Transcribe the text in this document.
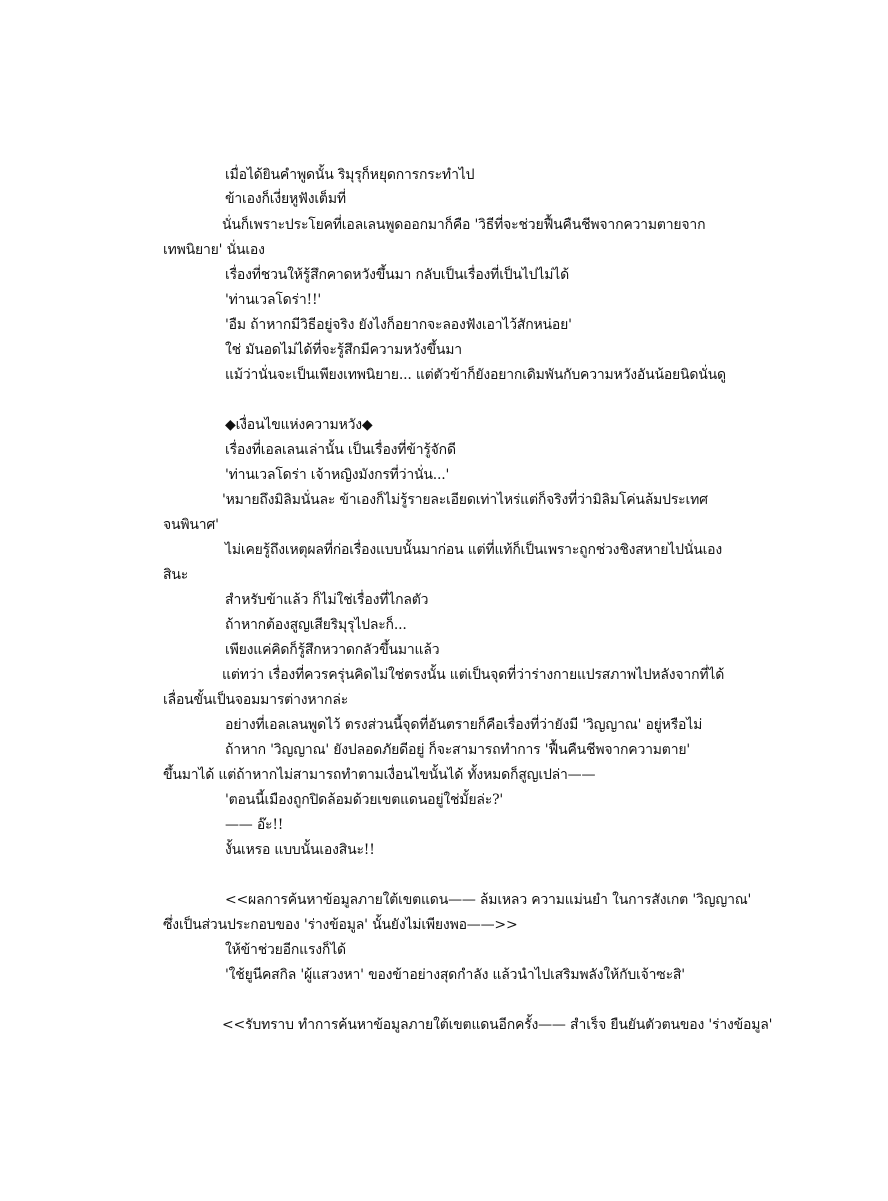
เมื่อได้ยินคำพูดนั้น ริมุรุก็หยุดการกระทำไป
ข้าเองก็เงี่ยหูฟังเต็มที่
นั่นก็เพราะประโยคที่เอลเลนพูดออกมาก็คือ 'วิธีที่จะช่วยฟื้นคืนชีพจากความตายจาก
เทพนิยาย' นั่นเอง
เรื่องที่ชวนให้รู้สึกคาดหวังขึ้นมา กลับเป็นเรื่องที่เป็นไปไม่ได้
'ท่านเวลโดร่า!!'
'อืม ถ้าหากมีวิธีอยู่จริง ยังไงก็อยากจะลองฟังเอาไว้สักหน่อย'
ใช่ มันอดไม่ได้ที่จะรู้สึกมีความหวังขึ้นมา
แม้ว่านั่นจะเป็นเพียงเทพนิยาย... แต่ตัวข้าก็ยังอยากเดิมพันกับความหวังอันน้อยนิดนั่นดู
◆เงื่อนไขแห่งความหวัง◆
เรื่องที่เอลเลนเล่านั้น เป็นเรื่องที่ข้ารู้จักดี
'ท่านเวลโดร่า เจ้าหญิงมังกรที่ว่านั่น...'
'หมายถึงมิลิมนั่นละ ข้าเองก็ไม่รู้รายละเอียดเท่าไหร่แต่ก็จริงที่ว่ามิลิมโค่นล้มประเทศ
จนพินาศ'
ไม่เคยรู้ถึงเหตุผลที่ก่อเรื่องแบบนั้นมาก่อน แต่ที่แท้ก็เป็นเพราะถูกช่วงชิงสหายไปนั่นเอง
สินะ
สำหรับข้าแล้ว ก็ไม่ใช่เรื่องที่ไกลตัว
ถ้าหากต้องสูญเสียริมุรุไปละก็...
เพียงแค่คิดก็รู้สึกหวาดกลัวขึ้นมาแล้ว
แต่ทว่า เรื่องที่ควรครุ่นคิดไม่ใช่ตรงนั้น แต่เป็นจุดที่ว่าร่างกายแปรสภาพไปหลังจากที่ได้
เลื่อนขั้นเป็นจอมมารต่างหากล่ะ
อย่างที่เอลเลนพูดไว้ ตรงส่วนนี้จุดที่อันตรายก็คือเรื่องที่ว่ายังมี 'วิญญาณ' อยู่หรือไม่
ถ้าหาก 'วิญญาณ' ยังปลอดภัยดีอยู่ ก็จะสามารถทำการ 'ฟื้นคืนชีพจากความตาย'
ขึ้นมาได้ แต่ถ้าหากไม่สามารถทำตามเงื่อนไขนั้นได้ ทั้งหมดก็สูญเปล่า——
'ตอนนี้เมืองถูกปิดล้อมด้วยเขตแดนอยู่ใช่มั้ยล่ะ?'
—— อ๊ะ!!
งั้นเหรอ แบบนั้นเองสินะ!!
<<ผลการค้นหาข้อมูลภายใต้เขตแดน—— ล้มเหลว ความแม่นยำ ในการสังเกต 'วิญญาณ'
ซึ่งเป็นส่วนประกอบของ 'ร่างข้อมูล' นั้นยังไม่เพียงพอ——>>
ให้ข้าช่วยอีกแรงก็ได้
'ใช้ยูนีคสกิล 'ผู้แสวงหา' ของข้าอย่างสุดกำลัง แล้วนำไปเสริมพลังให้กับเจ้าซะสิ'
<<รับทราบ ทำการค้นหาข้อมูลภายใต้เขตแดนอีกครั้ง—— สำเร็จ ยืนยันตัวตนของ 'ร่างข้อมูล'
